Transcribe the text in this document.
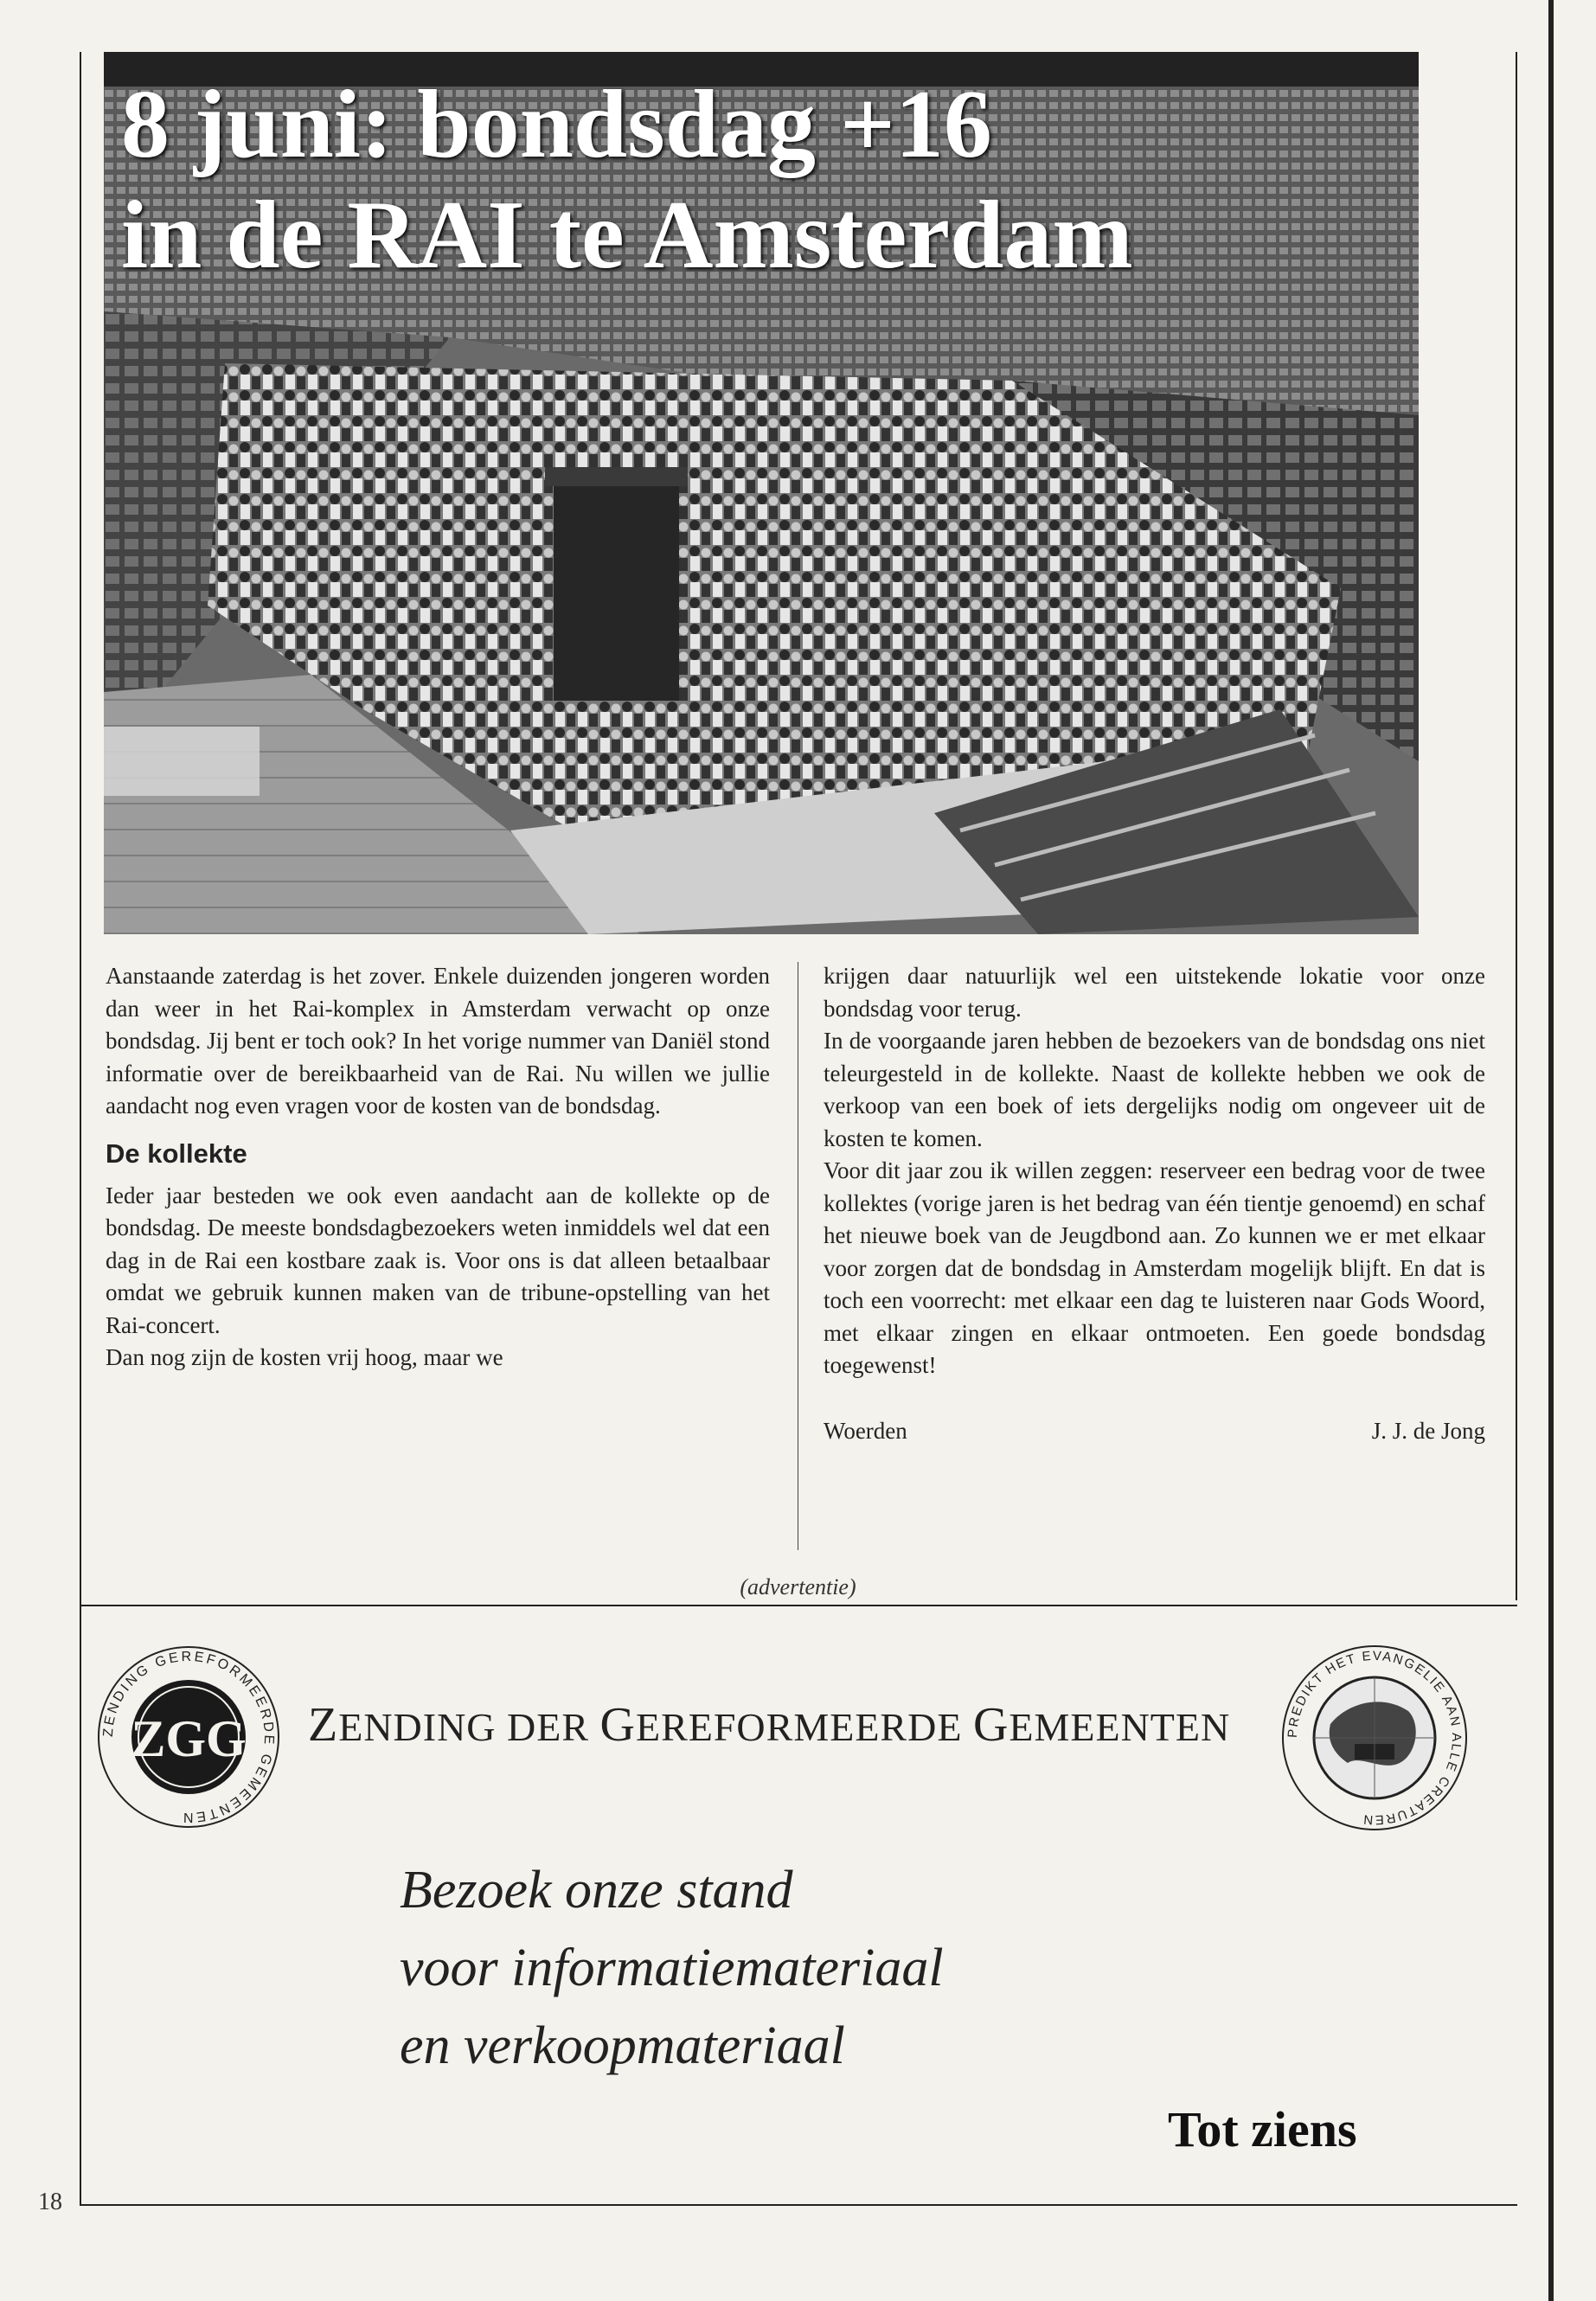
8 juni: bondsdag +16
in de RAI te Amsterdam

Aanstaande zaterdag is het zover. Enkele duizenden jongeren worden dan weer in het Rai-komplex in Amsterdam verwacht op onze bondsdag. Jij bent er toch ook? In het vorige nummer van Daniël stond informatie over de bereikbaarheid van de Rai. Nu willen we jullie aandacht nog even vragen voor de kosten van de bondsdag.

De kollekte

Ieder jaar besteden we ook even aandacht aan de kollekte op de bondsdag. De meeste bondsdagbezoekers weten inmiddels wel dat een dag in de Rai een kostbare zaak is. Voor ons is dat alleen betaalbaar omdat we gebruik kunnen maken van de tribune-opstelling van het Rai-concert.

Dan nog zijn de kosten vrij hoog, maar we

krijgen daar natuurlijk wel een uitstekende lokatie voor onze bondsdag voor terug.

In de voorgaande jaren hebben de bezoekers van de bondsdag ons niet teleurgesteld in de kollekte. Naast de kollekte hebben we ook de verkoop van een boek of iets dergelijks nodig om ongeveer uit de kosten te komen.

Voor dit jaar zou ik willen zeggen: reserveer een bedrag voor de twee kollektes (vorige jaren is het bedrag van één tientje genoemd) en schaf het nieuwe boek van de Jeugdbond aan. Zo kunnen we er met elkaar voor zorgen dat de bondsdag in Amsterdam mogelijk blijft. En dat is toch een voorrecht: met elkaar een dag te luisteren naar Gods Woord, met elkaar zingen en elkaar ontmoeten. Een goede bondsdag toegewenst!

Woerden	J. J. de Jong
(advertentie)
ZGG
ZENDING GEREFORMEERDE GEMEENTEN
ZENDING DER GEREFORMEERDE GEMEENTEN	PREDIKT HET EVANGELIE AAN ALLE CREATUREN
Bezoek onze stand
voor informatiemateriaal
en verkoopmateriaal
Tot ziens
18
